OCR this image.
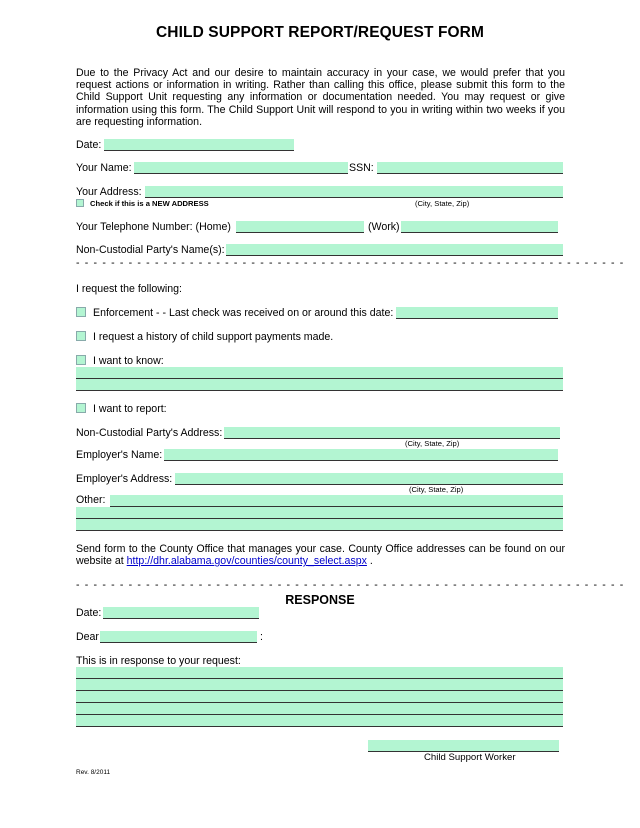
CHILD SUPPORT REPORT/REQUEST FORM
Due to the Privacy Act and our desire to maintain accuracy in your case, we would prefer that you request actions or information in writing. Rather than calling this office, please submit this form to the Child Support Unit requesting any information or documentation needed. You may request or give information using this form. The Child Support Unit will respond to you in writing within two weeks if you are requesting information.
Date:
Your Name:	SSN:
Your Address:
Check if this is a NEW ADDRESS	(City, State, Zip)
Your Telephone Number: (Home)	(Work)
Non-Custodial Party's Name(s):
- - - - - - - - - - - - - - - - - - - - - - - - - - - - - - - - - - - - - - - - - - - - - - - - - - - - - - - - - - - - - - -
I request the following:
Enforcement - - Last check was received on or around this date:
I request a history of child support payments made.
I want to know:
I want to report:
Non-Custodial Party's Address:
(City, State, Zip)
Employer's Name:
Employer's Address:
(City, State, Zip)
Other:
Send form to the County Office that manages your case. County Office addresses can be found on our website at http://dhr.alabama.gov/counties/county_select.aspx .
- - - - - - - - - - - - - - - - - - - - - - - - - - - - - - - - - - - - - - - - - - - - - - - - - - - - - - - - - - - - - - -
RESPONSE
Date:
Dear	:
This is in response to your request:
Child Support Worker
Rev. 8/2011
